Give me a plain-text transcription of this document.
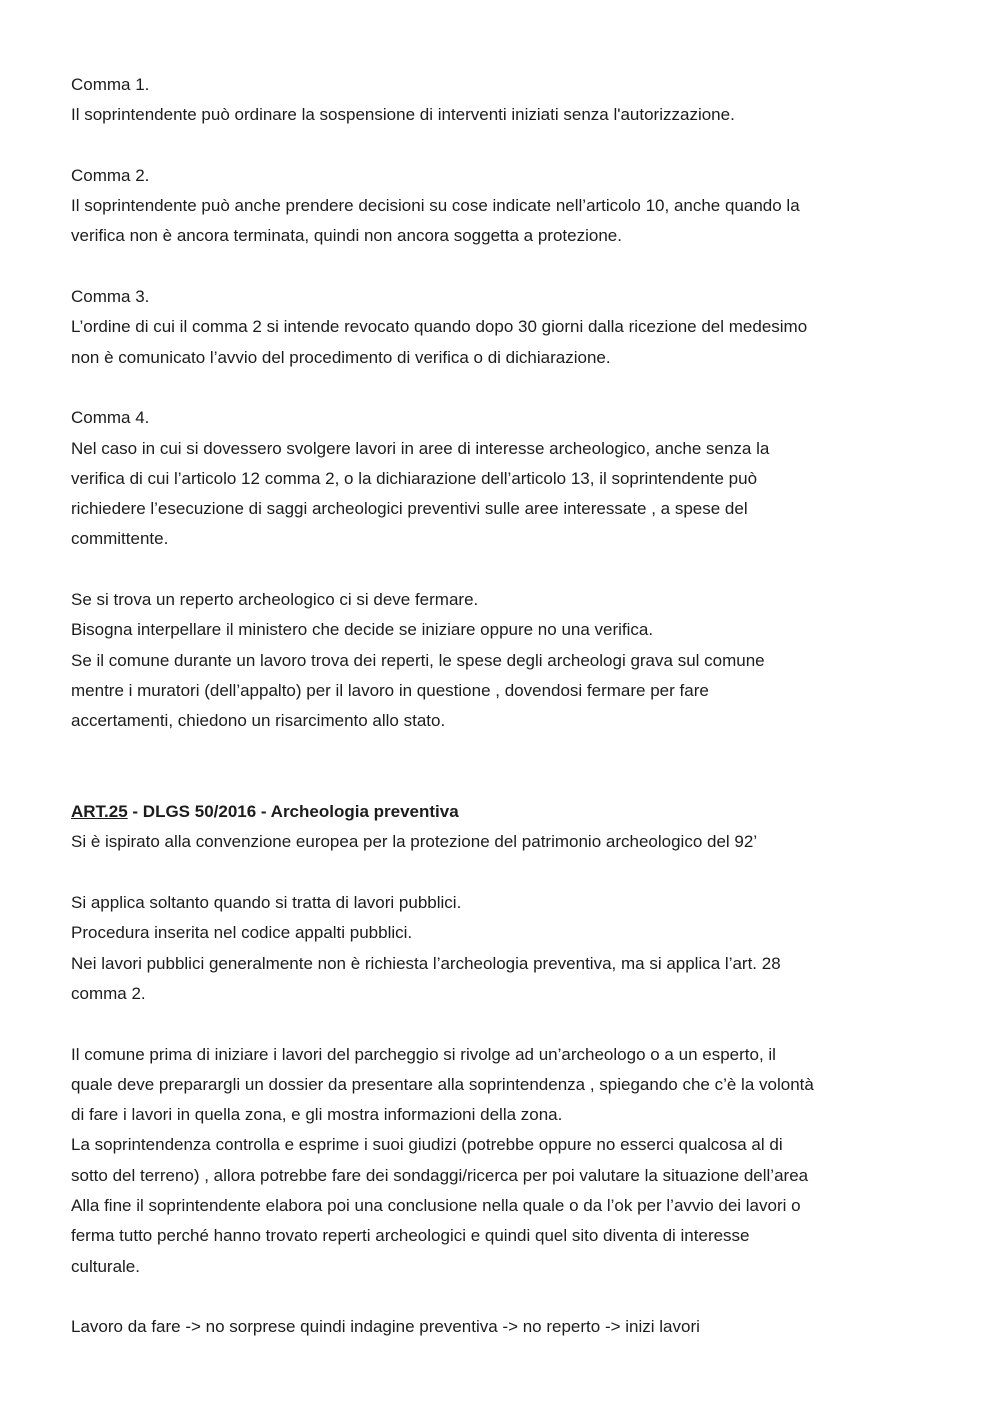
Comma 1.
Il soprintendente può ordinare la sospensione di interventi iniziati senza l'autorizzazione.
Comma 2.
Il soprintendente può anche prendere decisioni su cose indicate nell’articolo 10, anche quando la
verifica non è ancora terminata, quindi non ancora soggetta a protezione.
Comma 3.
L’ordine di cui il comma 2 si intende revocato quando dopo 30 giorni dalla ricezione del medesimo
non è comunicato l’avvio del procedimento di verifica o di dichiarazione.
Comma 4.
Nel caso in cui si dovessero svolgere lavori in aree di interesse archeologico, anche senza la
verifica di cui l’articolo 12 comma 2, o la dichiarazione dell’articolo 13, il soprintendente può
richiedere l’esecuzione di saggi archeologici preventivi sulle aree interessate , a spese del
committente.
Se si trova un reperto archeologico ci si deve fermare.
Bisogna interpellare il ministero che decide se iniziare oppure no una verifica.
Se il comune durante un lavoro trova dei reperti, le spese degli archeologi grava sul comune
mentre i muratori (dell’appalto) per il lavoro in questione , dovendosi fermare per fare
accertamenti, chiedono un risarcimento allo stato.
ART.25 - DLGS 50/2016 - Archeologia preventiva
Si è ispirato alla convenzione europea per la protezione del patrimonio archeologico del 92’
Si applica soltanto quando si tratta di lavori pubblici.
Procedura inserita nel codice appalti pubblici.
Nei lavori pubblici generalmente non è richiesta l’archeologia preventiva, ma si applica l’art. 28
comma 2.
Il comune prima di iniziare i lavori del parcheggio si rivolge ad un’archeologo o a un esperto, il
quale deve preparargli un dossier da presentare alla soprintendenza , spiegando che c’è la volontà
di fare i lavori in quella zona, e gli mostra informazioni della zona.
La soprintendenza controlla e esprime i suoi giudizi (potrebbe oppure no esserci qualcosa al di
sotto del terreno) , allora potrebbe fare dei sondaggi/ricerca per poi valutare la situazione dell’area
Alla fine il soprintendente elabora poi una conclusione nella quale o da l’ok per l’avvio dei lavori o
ferma tutto perché hanno trovato reperti archeologici e quindi quel sito diventa di interesse
culturale.
Lavoro da fare -> no sorprese quindi indagine preventiva -> no reperto -> inizi lavori
